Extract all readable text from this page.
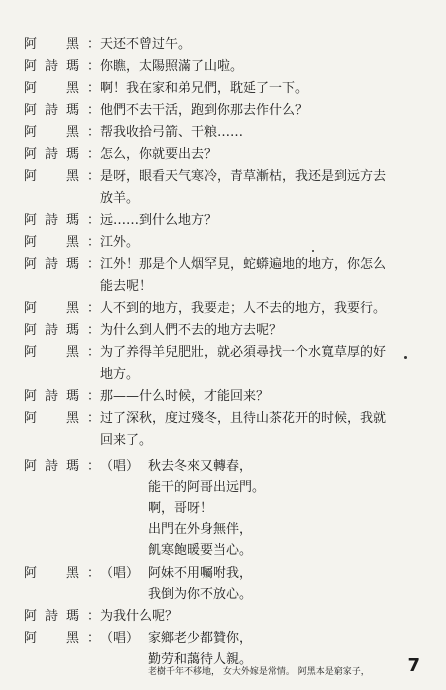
阿　黑： 天还不曾过午。
阿詩瑪： 你瞧，太陽照滿了山啦。
阿　黑： 啊！我在家和弟兄們，耽延了一下。
阿詩瑪： 他們不去干活，跑到你那去作什么？
阿　黑： 帮我收拾弓箭、干粮……
阿詩瑪： 怎么，你就要出去？
阿　黑： 是呀，眼看天气寒冷，青草漸枯，我还是到远方去
放羊。
阿詩瑪： 远……到什么地方？
阿　黑： 江外。
阿詩瑪： 江外！那是个人烟罕見，蛇蟒遍地的地方，你怎么
能去呢！
阿　黑： 人不到的地方，我要走；人不去的地方，我要行。
阿詩瑪： 为什么到人們不去的地方去呢？
阿　黑： 为了养得羊兒肥壯，就必須尋找一个水寬草厚的好
地方。
阿詩瑪： 那——什么时候，才能回来？
阿　黑： 过了深秋，度过殘冬，且待山茶花开的时候，我就
回来了。
阿詩瑪： （唱） 秋去冬來又轉春，
能干的阿哥出远門。
啊，哥呀！
出門在外身無伴，
飢寒飽暖要当心。
阿　黑： （唱） 阿妹不用囑咐我，
我倒为你不放心。
阿詩瑪： 为我什么呢？
阿　黑： （唱） 家鄉老少都贊你，
勤劳和藹待人親。
老樹千年不移地， 女大外嫁是常情。 阿黑本是窮家子， 7
